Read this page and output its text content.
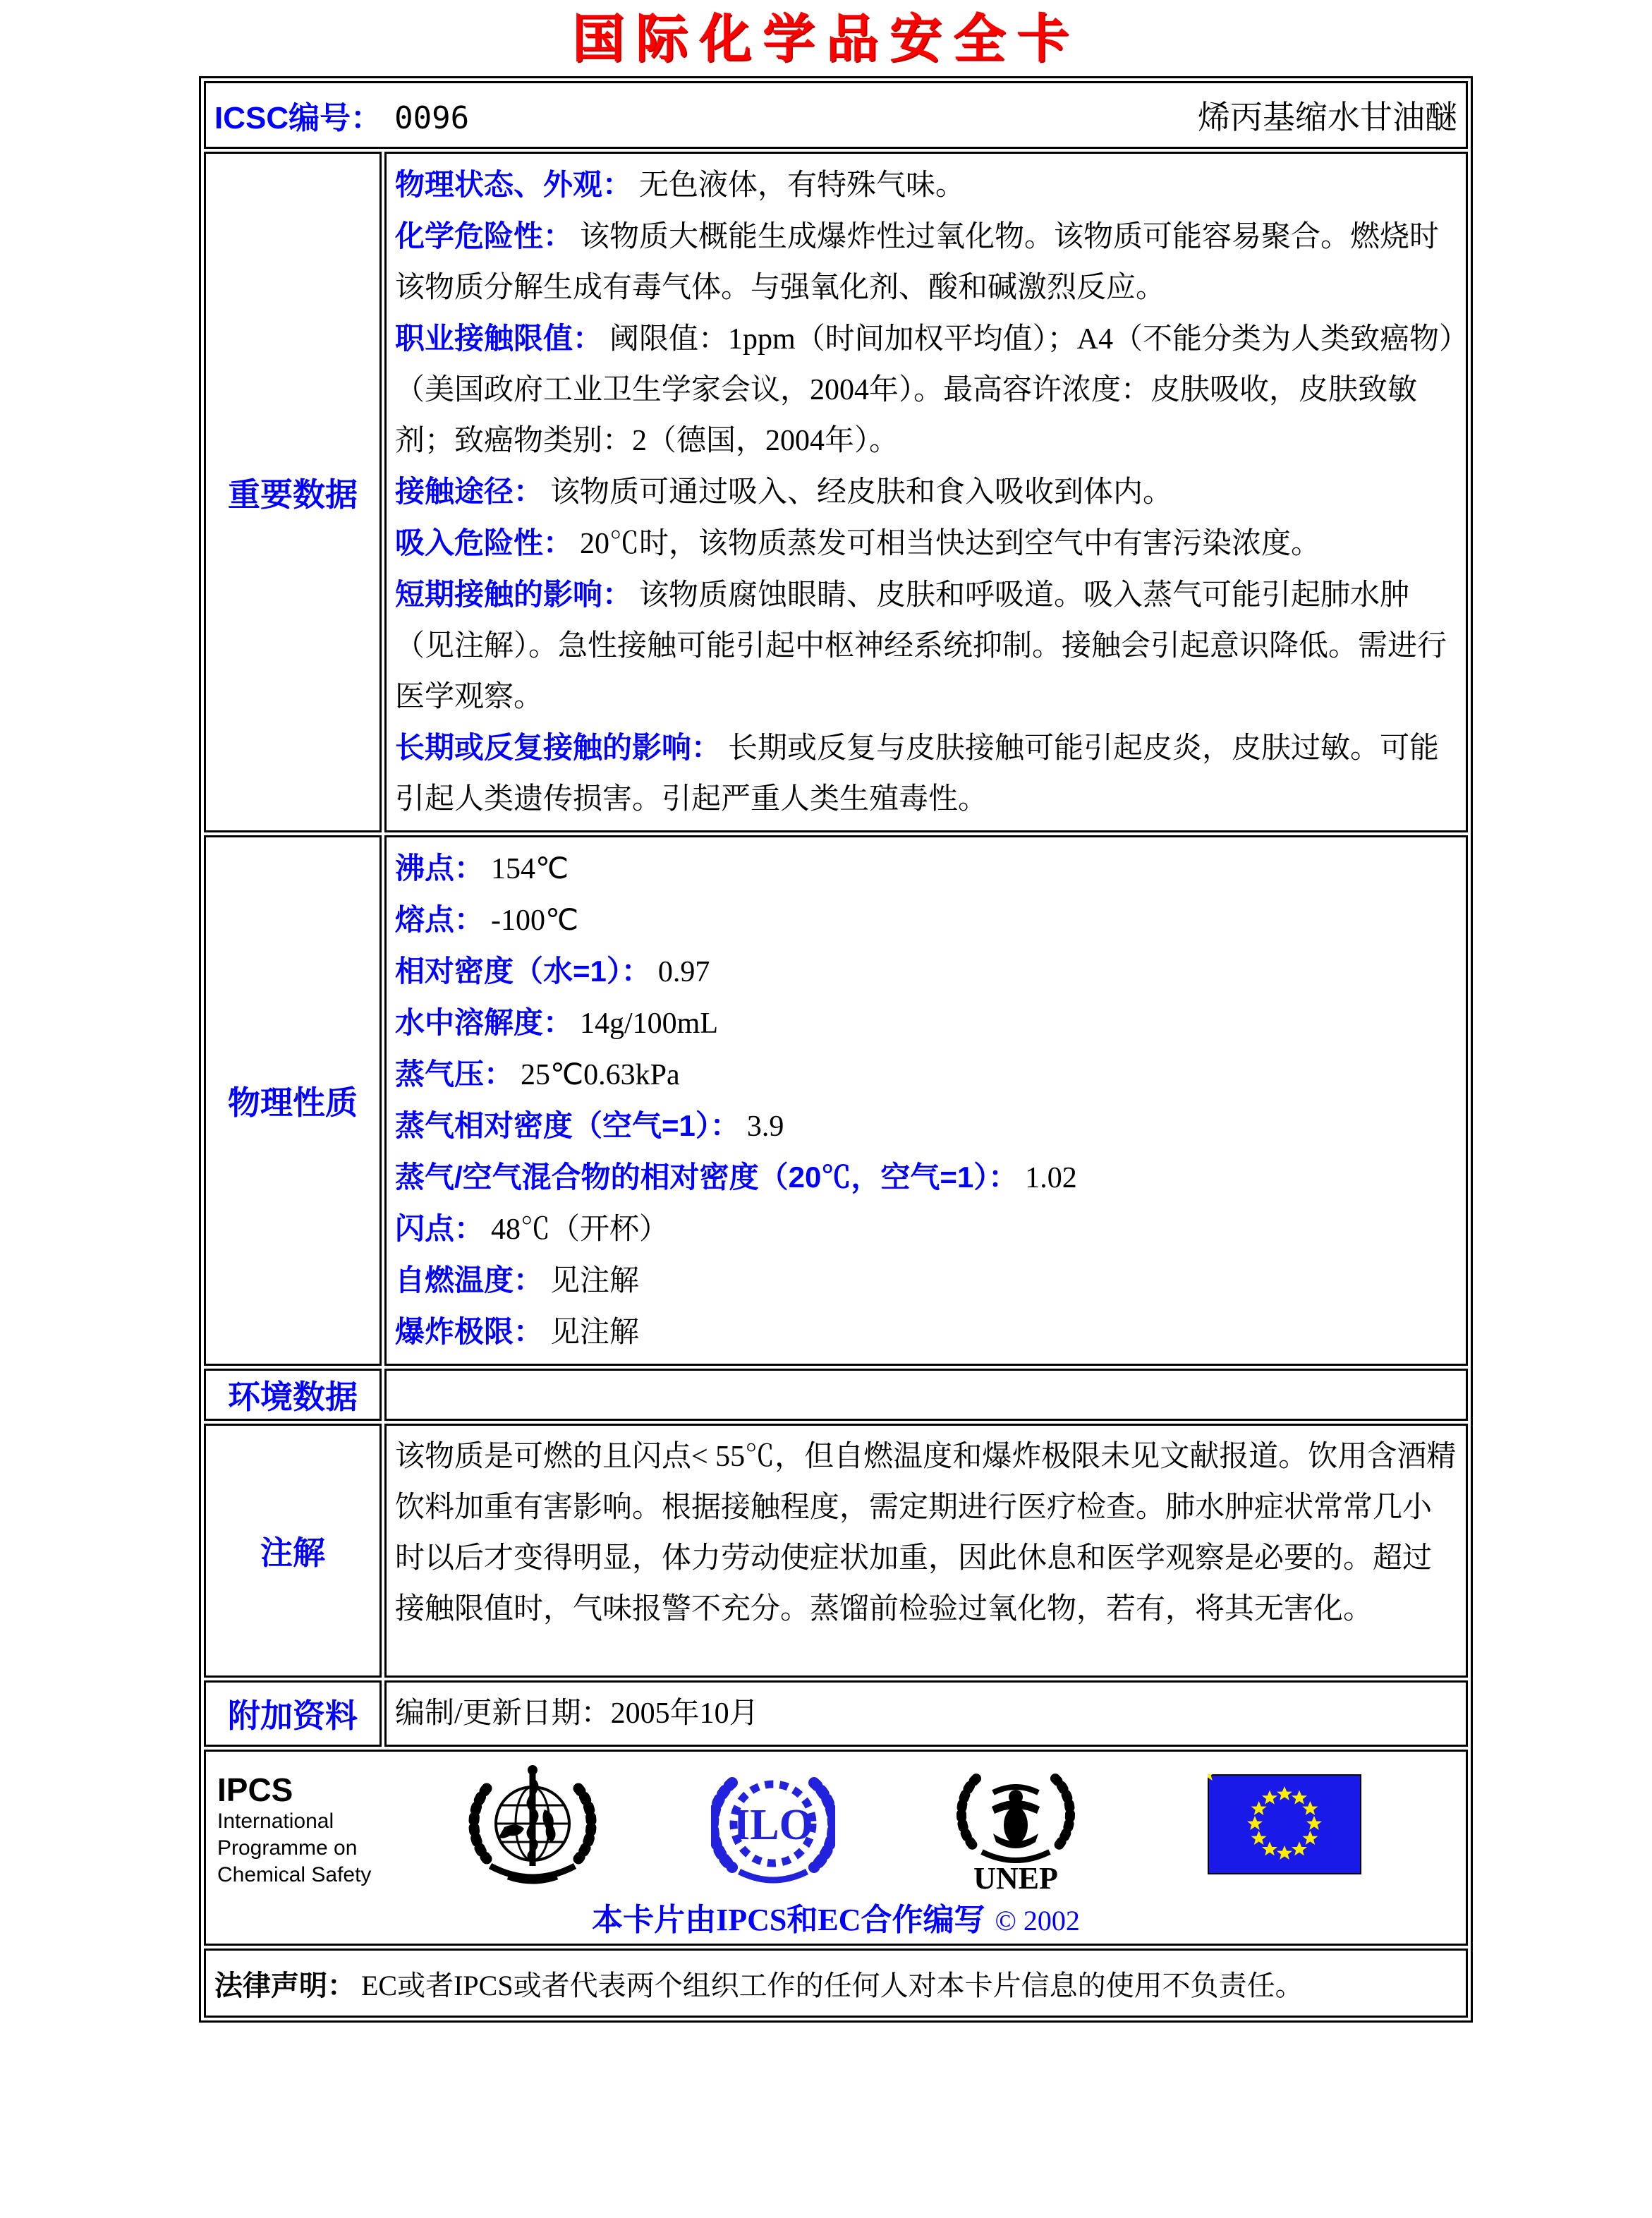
国际化学品安全卡
ICSC编号： 0096 烯丙基缩水甘油醚	

重要数据	
物理状态、外观： 无色液体，有特殊气味。
化学危险性： 该物质大概能生成爆炸性过氧化物。该物质可能容易聚合。燃烧时该物质分解生成有毒气体。与强氧化剂、酸和碱激烈反应。
职业接触限值： 阈限值：1ppm（时间加权平均值）；A4（不能分类为人类致癌物）（美国政府工业卫生学家会议，2004年）。最高容许浓度：皮肤吸收，皮肤致敏剂；致癌物类别：2（德国，2004年）。
接触途径： 该物质可通过吸入、经皮肤和食入吸收到体内。
吸入危险性： 20℃时，该物质蒸发可相当快达到空气中有害污染浓度。
短期接触的影响： 该物质腐蚀眼睛、皮肤和呼吸道。吸入蒸气可能引起肺水肿（见注解）。急性接触可能引起中枢神经系统抑制。接触会引起意识降低。需进行医学观察。
长期或反复接触的影响： 长期或反复与皮肤接触可能引起皮炎，皮肤过敏。可能引起人类遗传损害。引起严重人类生殖毒性。

物理性质	
沸点： 154℃
熔点： -100℃
相对密度（水=1）： 0.97
水中溶解度： 14g/100mL
蒸气压： 25℃0.63kPa
蒸气相对密度（空气=1）： 3.9
蒸气/空气混合物的相对密度（20℃，空气=1）： 1.02
闪点： 48℃（开杯）
自燃温度： 见注解
爆炸极限： 见注解

环境数据	
注解	该物质是可燃的且闪点< 55℃，但自燃温度和爆炸极限未见文献报道。饮用含酒精饮料加重有害影响。根据接触程度，需定期进行医疗检查。肺水肿症状常常几小时以后才变得明显，体力劳动使症状加重，因此休息和医学观察是必要的。超过接触限值时，气味报警不充分。蒸馏前检验过氧化物，若有，将其无害化。

附加资料	编制/更新日期：2005年10月

IPCS
International
Programme on
Chemical Safety
ILO
UNEP
本卡片由IPCS和EC合作编写 © 2002

法律声明： EC或者IPCS或者代表两个组织工作的任何人对本卡片信息的使用不负责任。	
